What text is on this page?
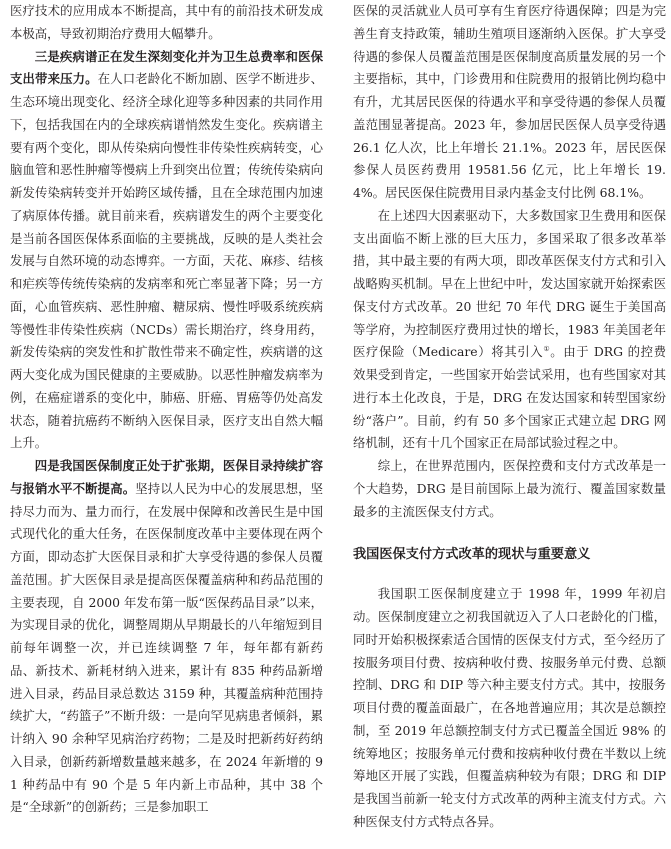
医疗技术的应用成本不断提高，其中有的前沿技术研发成本极高，导致初期治疗费用大幅攀升。

三是疾病谱正在发生深刻变化并为卫生总费率和医保支出带来压力。在人口老龄化不断加剧、医学不断进步、生态环境出现变化、经济全球化迎等多种因素的共同作用下，包括我国在内的全球疾病谱悄然发生变化。疾病谱主要有两个变化，即从传染病向慢性非传染性疾病转变，心脑血管和恶性肿瘤等慢病上升到突出位置；传统传染病向新发传染病转变并开始跨区域传播，且在全球范围内加速了病原体传播。就目前来看，疾病谱发生的两个主要变化是当前各国医保体系面临的主要挑战，反映的是人类社会发展与自然环境的动态博弈。一方面，天花、麻疹、结核和疟疾等传统传染病的发病率和死亡率显著下降；另一方面，心血管疾病、恶性肿瘤、糖尿病、慢性呼吸系统疾病等慢性非传染性疾病（NCDs）需长期治疗，终身用药，新发传染病的突发性和扩散性带来不确定性，疾病谱的这两大变化成为国民健康的主要威胁。以恶性肿瘤发病率为例，在癌症谱系的变化中，肺癌、肝癌、胃癌等仍处高发状态，随着抗癌药不断纳入医保目录，医疗支出自然大幅上升。

四是我国医保制度正处于扩张期，医保目录持续扩容与报销水平不断提高。坚持以人民为中心的发展思想，坚持尽力而为、量力而行，在发展中保障和改善民生是中国式现代化的重大任务，在医保制度改革中主要体现在两个方面，即动态扩大医保目录和扩大享受待遇的参保人员覆盖范围。扩大医保目录是提高医保覆盖病种和药品范围的主要表现，自 2000 年发布第一版“医保药品目录”以来，为实现目录的优化，调整周期从早期最长的八年缩短到目前每年调整一次，并已连续调整 7 年，每年都有新药品、新技术、新耗材纳入进来，累计有 835 种药品新增进入目录，药品目录总数达 3159 种，其覆盖病种范围持续扩大，“药篮子”不断升级：一是向罕见病患者倾斜，累计纳入 90 余种罕见病治疗药物；二是及时把新药好药纳入目录，创新药新增数量越来越多，在 2024 年新增的 91 种药品中有 90 个是 5 年内新上市品种，其中 38 个是“全球新”的创新药；三是参加职工

医保的灵活就业人员可享有生育医疗待遇保障；四是为完善生育支持政策，辅助生殖项目逐渐纳入医保。扩大享受待遇的参保人员覆盖范围是医保制度高质量发展的另一个主要指标，其中，门诊费用和住院费用的报销比例均稳中有升，尤其居民医保的待遇水平和享受待遇的参保人员覆盖范围显著提高。2023 年，参加居民医保人员享受待遇 26.1 亿人次，比上年增长 21.1%。2023 年，居民医保参保人员医药费用 19581.56 亿元，比上年增长 19.4%。居民医保住院费用目录内基金支付比例 68.1%。

在上述四大因素驱动下，大多数国家卫生费用和医保支出面临不断上涨的巨大压力，多国采取了很多改革举措，其中最主要的有两大项，即改革医保支付方式和引入战略购买机制。早在上世纪中叶，发达国家就开始探索医保支付方式改革。20 世纪 70 年代 DRG 诞生于美国高等学府，为控制医疗费用过快的增长，1983 年美国老年医疗保险（Medicare）将其引入①。由于 DRG 的控费效果受到肯定，一些国家开始尝试采用，也有些国家对其进行本土化改良，于是，DRG 在发达国家和转型国家纷纷“落户”。目前，约有 50 多个国家正式建立起 DRG 网络机制，还有十几个国家正在局部试验过程之中。

综上，在世界范围内，医保控费和支付方式改革是一个大趋势，DRG 是目前国际上最为流行、覆盖国家数量最多的主流医保支付方式。

我国医保支付方式改革的现状与重要意义

我国职工医保制度建立于 1998 年，1999 年初启动。医保制度建立之初我国就迈入了人口老龄化的门槛，同时开始积极探索适合国情的医保支付方式，至今经历了按服务项目付费、按病种收付费、按服务单元付费、总额控制、DRG 和 DIP 等六种主要支付方式。其中，按服务项目付费的覆盖面最广，在各地普遍应用；其次是总额控制，至 2019 年总额控制支付方式已覆盖全国近 98% 的统筹地区；按服务单元付费和按病种收付费在半数以上统筹地区开展了实践，但覆盖病种较为有限；DRG 和 DIP 是我国当前新一轮支付方式改革的两种主流支付方式。六种医保支付方式特点各异。
